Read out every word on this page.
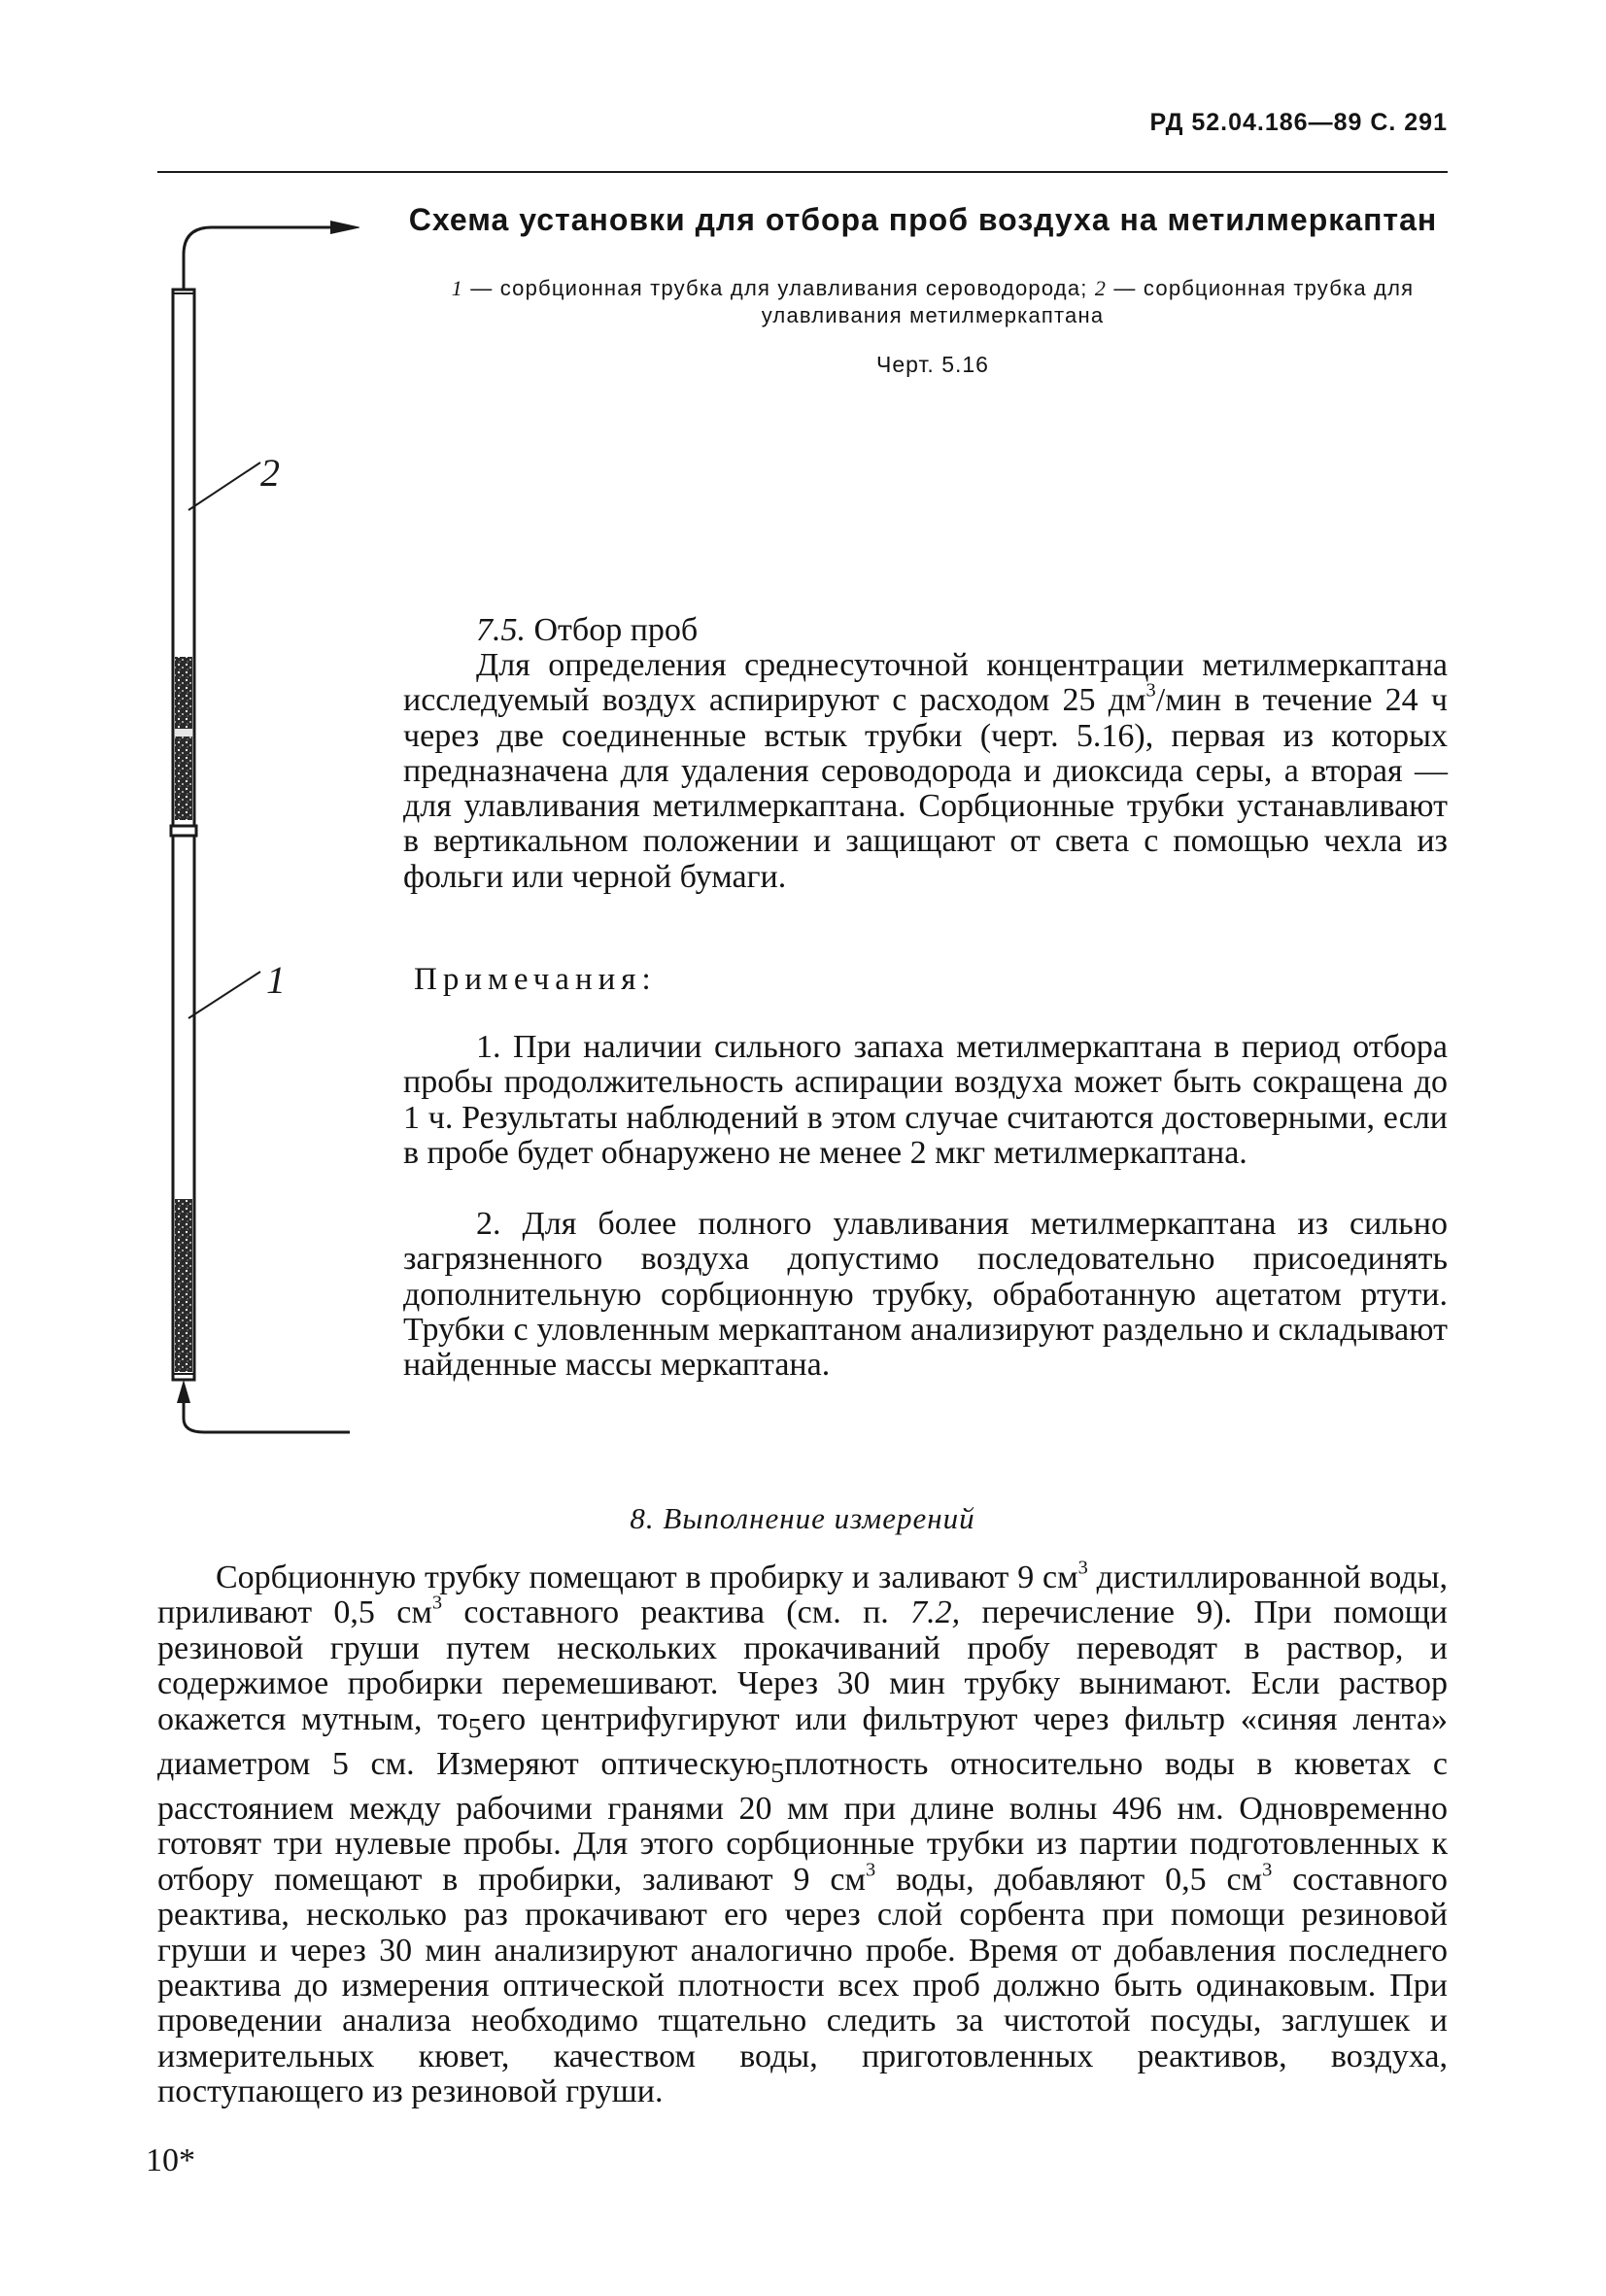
РД 52.04.186—89 С. 291
2
1
Схема установки для отбора проб воздуха на метилмеркаптан
1 — сорбционная трубка для улавливания сероводорода; 2 — сорбционная трубка для улавливания метилмеркаптана
Черт. 5.16
7.5. Отбор проб
Для определения среднесуточной концентрации метилмеркаптана исследуемый воздух аспирируют с расходом 25 $дм^3$/мин в течение 24 ч через две соединенные встык трубки (черт. 5.16), первая из которых предназначена для удаления сероводорода и диоксида серы, а вторая — для улавливания метилмеркаптана. Сорбционные трубки устанавливают в вертикальном положении и защищают от света с помощью чехла из фольги или черной бумаги.
Примечания:
1. При наличии сильного запаха метилмеркаптана в период отбора пробы продолжительность аспирации воздуха может быть сокращена до 1 ч. Результаты наблюдений в этом случае считаются достоверными, если в пробе будет обнаружено не менее 2 мкг метилмеркаптана.
2. Для более полного улавливания метилмеркаптана из сильно загрязненного воздуха допустимо последовательно присоединять дополнительную сорбционную трубку, обработанную ацетатом ртути. Трубки с уловленным меркаптаном анализируют раздельно и складывают найденные массы меркаптана.
8. Выполнение измерений
Сорбционную трубку помещают в пробирку и заливают 9 $см^3$ дистиллированной воды, приливают 0,5 $см^3$ составного реактива (см. п. 7.2, перечисление 9). При помощи резиновой груши путем нескольких прокачиваний пробу переводят в раствор, и содержимое пробирки перемешивают. Через 30 мин трубку вынимают. Если раствор окажется мутным, $то_5его$ центрифугируют или фильтруют через фильтр «синяя лента» диаметром 5 см. Измеряют оптическую$_5$плотность относительно воды в кюветах с расстоянием между рабочими гранями 20 мм при длине волны 496 нм. Одновременно готовят три нулевые пробы. Для этого сорбционные трубки из партии подготовленных к отбору помещают в пробирки, заливают 9 $см^3$ воды, добавляют 0,5 $см^3$ составного реактива, несколько раз прокачивают его через слой сорбента при помощи резиновой груши и через 30 мин анализируют аналогично пробе. Время от добавления последнего реактива до измерения оптической плотности всех проб должно быть одинаковым. При проведении анализа необходимо тщательно следить за чистотой посуды, заглушек и измерительных кювет, качеством воды, приготовленных реактивов, воздуха, поступающего из резиновой груши.
10*
